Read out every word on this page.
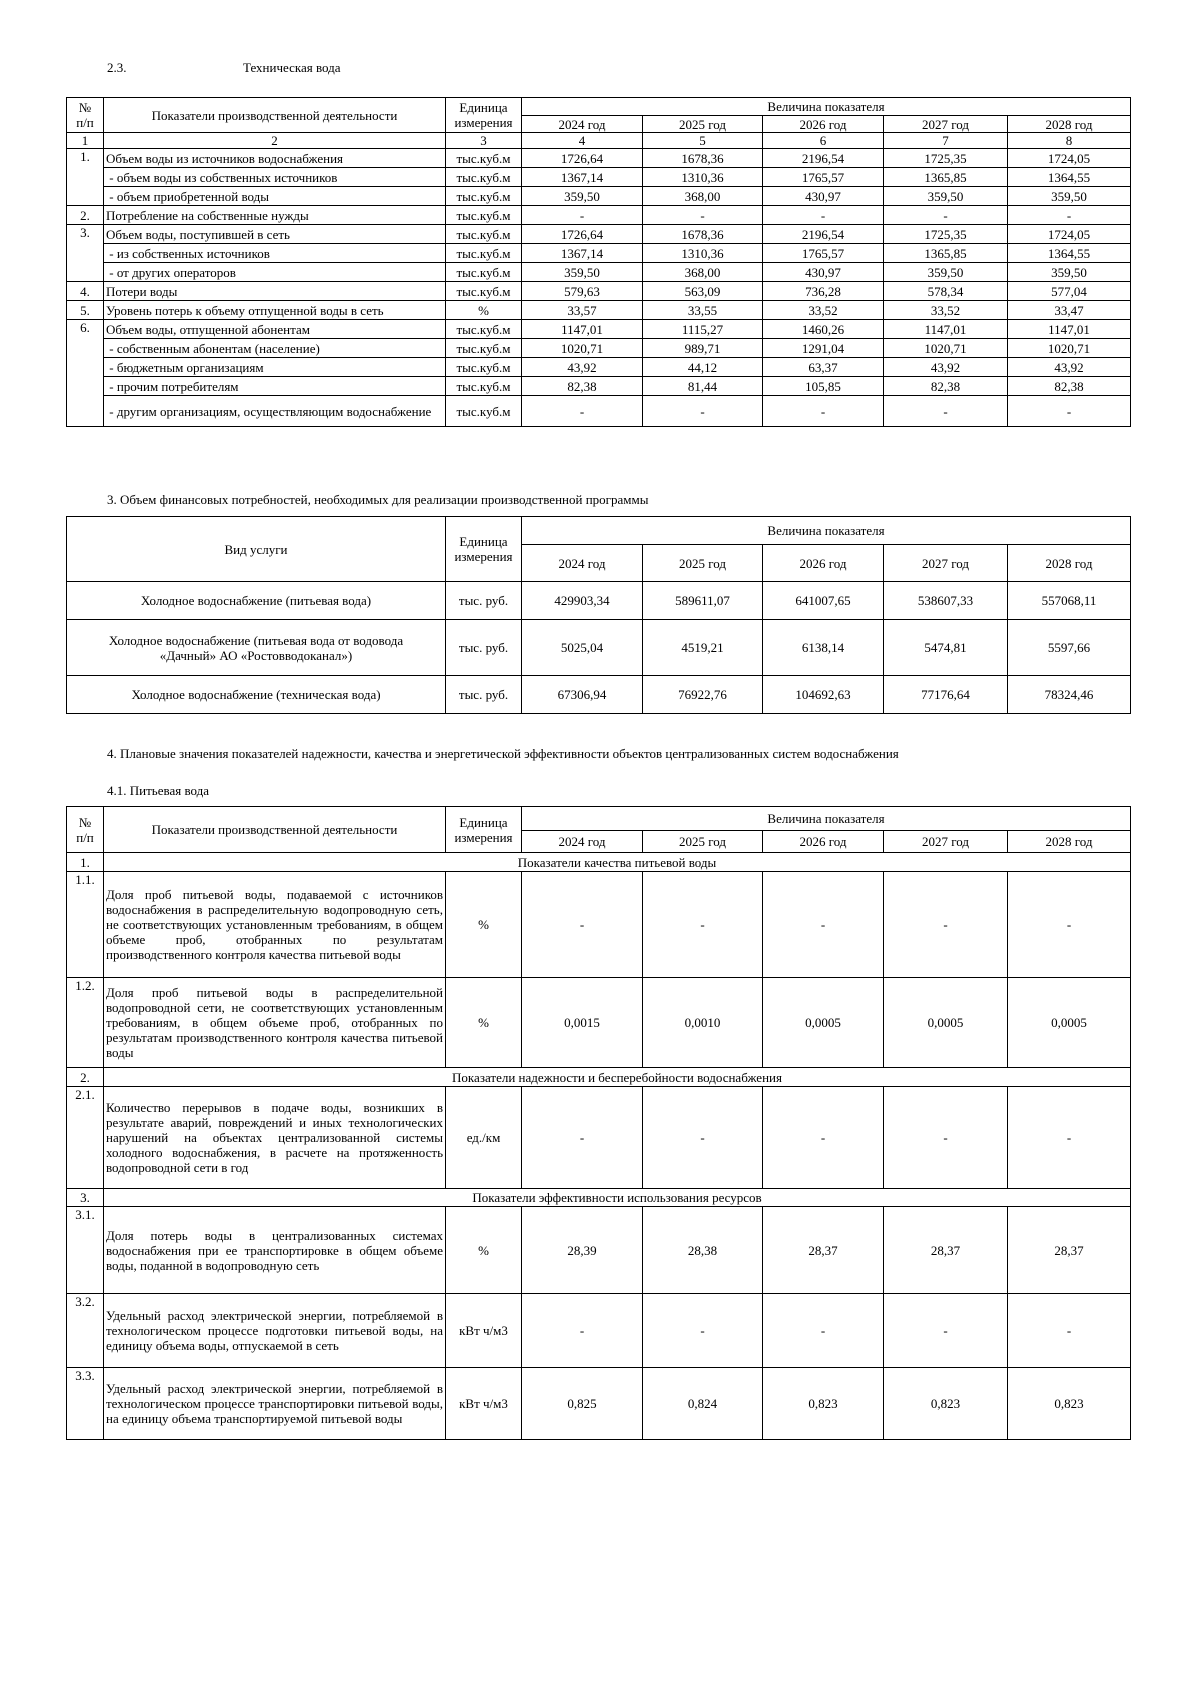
2.3.	Техническая вода
№
п/п	Показатели производственной деятельности	Единица
измерения	Величина показателя				
			2024 год	2025 год	2026 год	2027 год	2028 год
1	2	3	4	5	6	7	8
1.	Объем воды из источников водоснабжения	тыс.куб.м	1726,64	1678,36	2196,54	1725,35	1724,05
	- объем воды из собственных источников	тыс.куб.м	1367,14	1310,36	1765,57	1365,85	1364,55
	- объем приобретенной воды	тыс.куб.м	359,50	368,00	430,97	359,50	359,50
2.	Потребление на собственные нужды	тыс.куб.м	-	-	-	-	-
3.	Объем воды, поступившей в сеть	тыс.куб.м	1726,64	1678,36	2196,54	1725,35	1724,05
	- из собственных источников	тыс.куб.м	1367,14	1310,36	1765,57	1365,85	1364,55
	- от других операторов	тыс.куб.м	359,50	368,00	430,97	359,50	359,50
4.	Потери воды	тыс.куб.м	579,63	563,09	736,28	578,34	577,04
5.	Уровень потерь к объему отпущенной воды в сеть	%	33,57	33,55	33,52	33,52	33,47
6.	Объем воды, отпущенной абонентам	тыс.куб.м	1147,01	1115,27	1460,26	1147,01	1147,01
	- собственным абонентам (население)	тыс.куб.м	1020,71	989,71	1291,04	1020,71	1020,71
	- бюджетным организациям	тыс.куб.м	43,92	44,12	63,37	43,92	43,92
	- прочим потребителям	тыс.куб.м	82,38	81,44	105,85	82,38	82,38
	- другим организациям, осуществляющим водоснабжение	тыс.куб.м	-	-	-	-	-
3. Объем финансовых потребностей, необходимых для реализации производственной программы
Вид услуги	Единица
измерения	Величина показателя				
		2024 год	2025 год	2026 год	2027 год	2028 год
Холодное водоснабжение (питьевая вода)	тыс. руб.	429903,34	589611,07	641007,65	538607,33	557068,11
Холодное водоснабжение (питьевая вода от водовода «Дачный» АО «Ростовводоканал»)	тыс. руб.	5025,04	4519,21	6138,14	5474,81	5597,66
Холодное водоснабжение (техническая вода)	тыс. руб.	67306,94	76922,76	104692,63	77176,64	78324,46
4. Плановые значения показателей надежности, качества и энергетической эффективности объектов централизованных систем водоснабжения
4.1. Питьевая вода
№
п/п	Показатели производственной деятельности	Единица
измерения	Величина показателя				
			2024 год	2025 год	2026 год	2027 год	2028 год
1.	Показатели качества питьевой воды						
1.1.	Доля проб питьевой воды, подаваемой с источников водоснабжения в распределительную водопроводную сеть, не соответствующих установленным требованиям, в общем объеме проб, отобранных по результатам производственного контроля качества питьевой воды	%	-	-	-	-	-
1.2.	Доля проб питьевой воды в распределительной водопроводной сети, не соответствующих установленным требованиям, в общем объеме проб, отобранных по результатам производственного контроля качества питьевой воды	%	0,0015	0,0010	0,0005	0,0005	0,0005
2.	Показатели надежности и бесперебойности водоснабжения						
2.1.	Количество перерывов в подаче воды, возникших в результате аварий, повреждений и иных технологических нарушений на объектах централизованной системы холодного водоснабжения, в расчете на протяженность водопроводной сети в год	ед./км	-	-	-	-	-
3.	Показатели эффективности использования ресурсов						
3.1.	Доля потерь воды в централизованных системах водоснабжения при ее транспортировке в общем объеме воды, поданной в водопроводную сеть	%	28,39	28,38	28,37	28,37	28,37
3.2.	Удельный расход электрической энергии, потребляемой в технологическом процессе подготовки питьевой воды, на единицу объема воды, отпускаемой в сеть	кВт ч/м3	-	-	-	-	-
3.3.	Удельный расход электрической энергии, потребляемой в технологическом процессе транспортировки питьевой воды, на единицу объема транспортируемой питьевой воды	кВт ч/м3	0,825	0,824	0,823	0,823	0,823
